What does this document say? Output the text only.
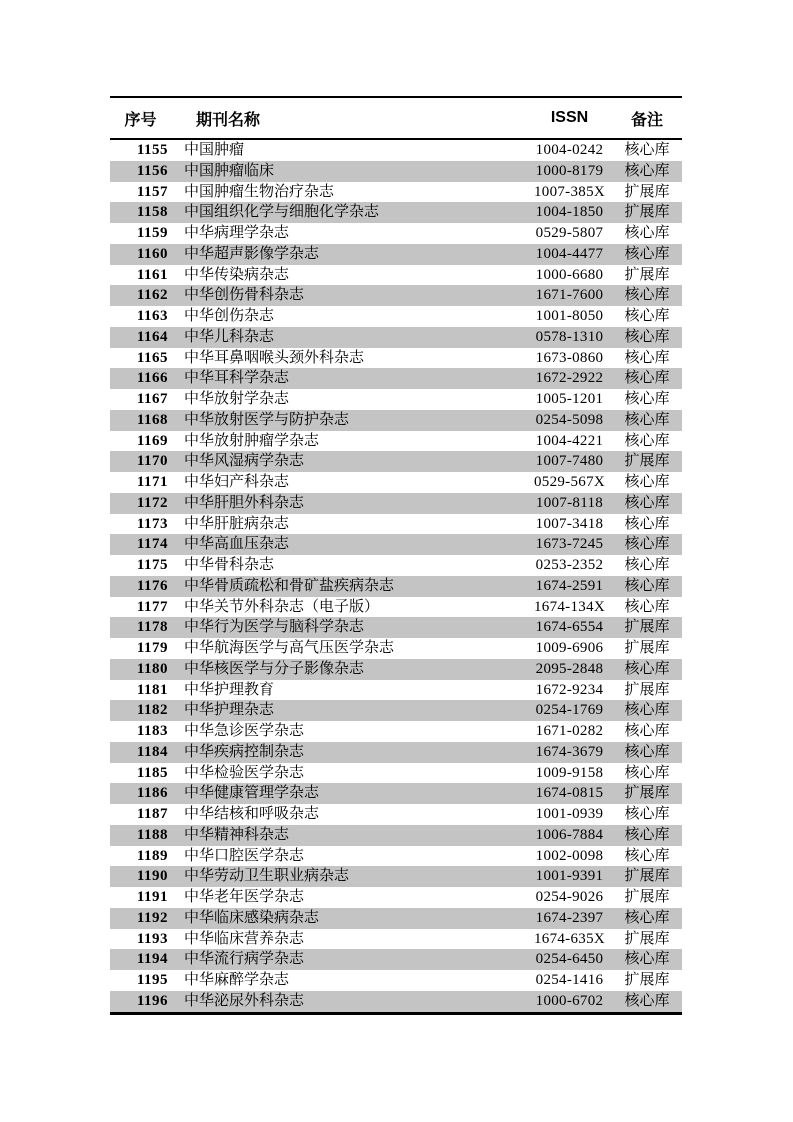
序号	期刊名称	ISSN	备注
1155	中国肿瘤	1004-0242	核心库
1156	中国肿瘤临床	1000-8179	核心库
1157	中国肿瘤生物治疗杂志	1007-385X	扩展库
1158	中国组织化学与细胞化学杂志	1004-1850	扩展库
1159	中华病理学杂志	0529-5807	核心库
1160	中华超声影像学杂志	1004-4477	核心库
1161	中华传染病杂志	1000-6680	扩展库
1162	中华创伤骨科杂志	1671-7600	核心库
1163	中华创伤杂志	1001-8050	核心库
1164	中华儿科杂志	0578-1310	核心库
1165	中华耳鼻咽喉头颈外科杂志	1673-0860	核心库
1166	中华耳科学杂志	1672-2922	核心库
1167	中华放射学杂志	1005-1201	核心库
1168	中华放射医学与防护杂志	0254-5098	核心库
1169	中华放射肿瘤学杂志	1004-4221	核心库
1170	中华风湿病学杂志	1007-7480	扩展库
1171	中华妇产科杂志	0529-567X	核心库
1172	中华肝胆外科杂志	1007-8118	核心库
1173	中华肝脏病杂志	1007-3418	核心库
1174	中华高血压杂志	1673-7245	核心库
1175	中华骨科杂志	0253-2352	核心库
1176	中华骨质疏松和骨矿盐疾病杂志	1674-2591	核心库
1177	中华关节外科杂志（电子版）	1674-134X	核心库
1178	中华行为医学与脑科学杂志	1674-6554	扩展库
1179	中华航海医学与高气压医学杂志	1009-6906	扩展库
1180	中华核医学与分子影像杂志	2095-2848	核心库
1181	中华护理教育	1672-9234	扩展库
1182	中华护理杂志	0254-1769	核心库
1183	中华急诊医学杂志	1671-0282	核心库
1184	中华疾病控制杂志	1674-3679	核心库
1185	中华检验医学杂志	1009-9158	核心库
1186	中华健康管理学杂志	1674-0815	扩展库
1187	中华结核和呼吸杂志	1001-0939	核心库
1188	中华精神科杂志	1006-7884	核心库
1189	中华口腔医学杂志	1002-0098	核心库
1190	中华劳动卫生职业病杂志	1001-9391	扩展库
1191	中华老年医学杂志	0254-9026	扩展库
1192	中华临床感染病杂志	1674-2397	核心库
1193	中华临床营养杂志	1674-635X	扩展库
1194	中华流行病学杂志	0254-6450	核心库
1195	中华麻醉学杂志	0254-1416	扩展库
1196	中华泌尿外科杂志	1000-6702	核心库
